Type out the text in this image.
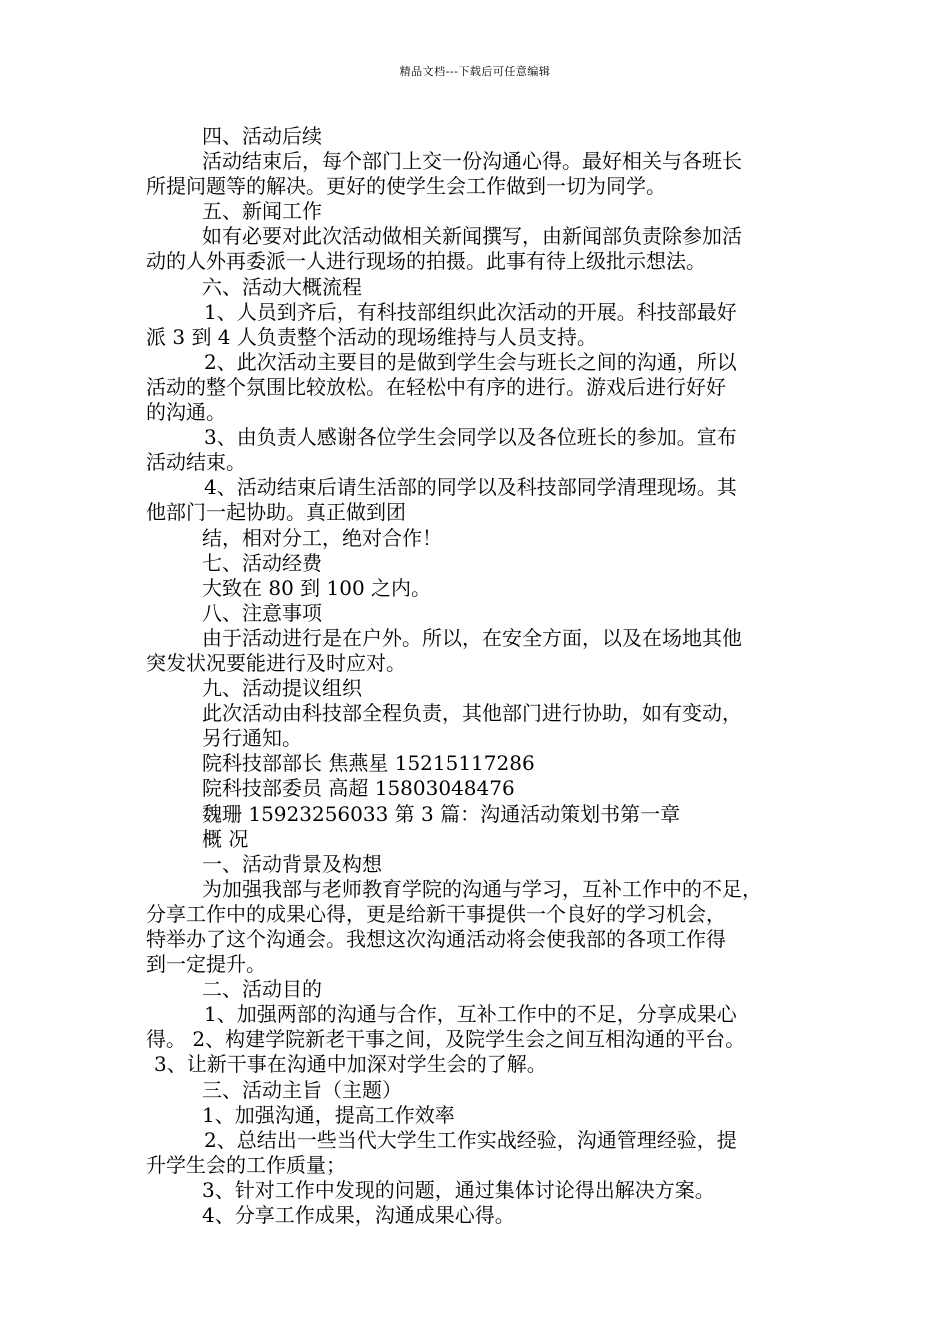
精品文档---下载后可任意编辑
四、活动后续
活动结束后，每个部门上交一份沟通心得。最好相关与各班长
所提问题等的解决。更好的使学生会工作做到一切为同学。
五、新闻工作
如有必要对此次活动做相关新闻撰写，由新闻部负责除参加活
动的人外再委派一人进行现场的拍摄。此事有待上级批示想法。
六、活动大概流程
1、人员到齐后，有科技部组织此次活动的开展。科技部最好
派 3 到 4 人负责整个活动的现场维持与人员支持。
2、此次活动主要目的是做到学生会与班长之间的沟通，所以
活动的整个氛围比较放松。在轻松中有序的进行。游戏后进行好好
的沟通。
3、由负责人感谢各位学生会同学以及各位班长的参加。宣布
活动结束。
4、活动结束后请生活部的同学以及科技部同学清理现场。其
他部门一起协助。真正做到团
结，相对分工，绝对合作！
七、活动经费
大致在 80 到 100 之内。
八、注意事项
由于活动进行是在户外。所以，在安全方面，以及在场地其他
突发状况要能进行及时应对。
九、活动提议组织
此次活动由科技部全程负责，其他部门进行协助，如有变动，
另行通知。
院科技部部长 焦燕星 15215117286
院科技部委员 高超 15803048476
魏珊 15923256033 第 3 篇：沟通活动策划书第一章
概 况
一、活动背景及构想
为加强我部与老师教育学院的沟通与学习，互补工作中的不足，
分享工作中的成果心得，更是给新干事提供一个良好的学习机会，
特举办了这个沟通会。我想这次沟通活动将会使我部的各项工作得
到一定提升。
二、活动目的
1、加强两部的沟通与合作，互补工作中的不足，分享成果心
得。 2、构建学院新老干事之间，及院学生会之间互相沟通的平台。
3、让新干事在沟通中加深对学生会的了解。
三、活动主旨（主题）
1、加强沟通，提高工作效率
2、总结出一些当代大学生工作实战经验，沟通管理经验，提
升学生会的工作质量；
3、针对工作中发现的问题，通过集体讨论得出解决方案。
4、分享工作成果，沟通成果心得。
